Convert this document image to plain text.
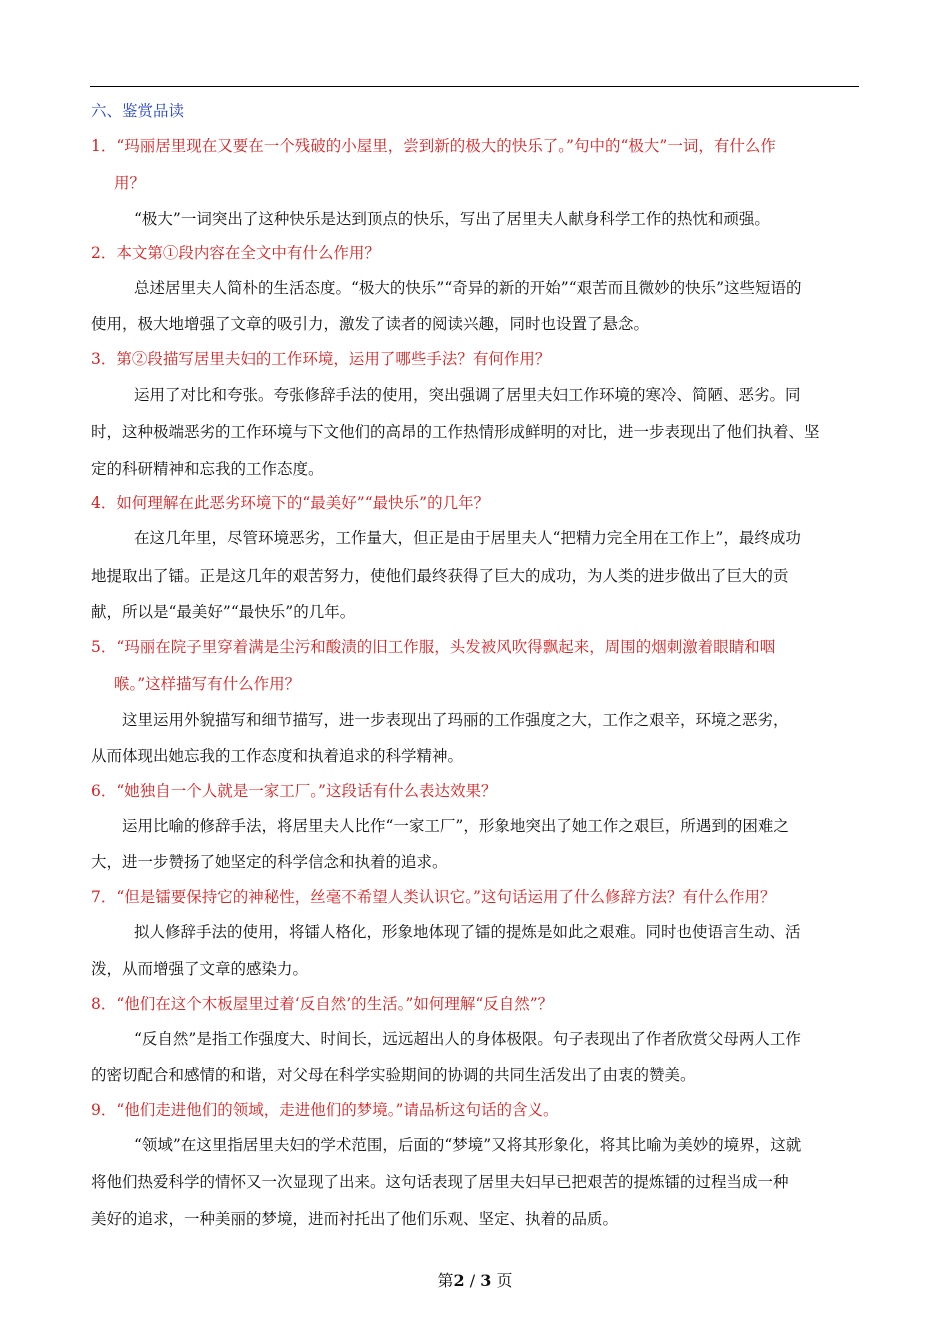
六、鉴赏品读
1．“玛丽居里现在又要在一个残破的小屋里，尝到新的极大的快乐了。”句中的“极大”一词，有什么作
用？
“极大”一词突出了这种快乐是达到顶点的快乐，写出了居里夫人献身科学工作的热忱和顽强。
2．本文第①段内容在全文中有什么作用？
总述居里夫人简朴的生活态度。“极大的快乐”“奇异的新的开始”“艰苦而且微妙的快乐”这些短语的
使用，极大地增强了文章的吸引力，激发了读者的阅读兴趣，同时也设置了悬念。
3．第②段描写居里夫妇的工作环境，运用了哪些手法？有何作用？
运用了对比和夸张。夸张修辞手法的使用，突出强调了居里夫妇工作环境的寒冷、简陋、恶劣。同
时，这种极端恶劣的工作环境与下文他们的高昂的工作热情形成鲜明的对比，进一步表现出了他们执着、坚
定的科研精神和忘我的工作态度。
4．如何理解在此恶劣环境下的“最美好”“最快乐”的几年？
在这几年里，尽管环境恶劣，工作量大，但正是由于居里夫人“把精力完全用在工作上”，最终成功
地提取出了镭。正是这几年的艰苦努力，使他们最终获得了巨大的成功，为人类的进步做出了巨大的贡
献，所以是“最美好”“最快乐”的几年。
5．“玛丽在院子里穿着满是尘污和酸渍的旧工作服，头发被风吹得飘起来，周围的烟刺激着眼睛和咽
喉。”这样描写有什么作用？
这里运用外貌描写和细节描写，进一步表现出了玛丽的工作强度之大，工作之艰辛，环境之恶劣，
从而体现出她忘我的工作态度和执着追求的科学精神。
6．“她独自一个人就是一家工厂。”这段话有什么表达效果？
运用比喻的修辞手法，将居里夫人比作“一家工厂”，形象地突出了她工作之艰巨，所遇到的困难之
大，进一步赞扬了她坚定的科学信念和执着的追求。
7．“但是镭要保持它的神秘性，丝毫不希望人类认识它。”这句话运用了什么修辞方法？有什么作用？
拟人修辞手法的使用，将镭人格化，形象地体现了镭的提炼是如此之艰难。同时也使语言生动、活
泼，从而增强了文章的感染力。
8．“他们在这个木板屋里过着‘反自然’的生活。”如何理解“反自然”？
“反自然”是指工作强度大、时间长，远远超出人的身体极限。句子表现出了作者欣赏父母两人工作
的密切配合和感情的和谐，对父母在科学实验期间的协调的共同生活发出了由衷的赞美。
9．“他们走进他们的领域，走进他们的梦境。”请品析这句话的含义。
“领域”在这里指居里夫妇的学术范围，后面的“梦境”又将其形象化，将其比喻为美妙的境界，这就
将他们热爱科学的情怀又一次显现了出来。这句话表现了居里夫妇早已把艰苦的提炼镭的过程当成一种
美好的追求，一种美丽的梦境，进而衬托出了他们乐观、坚定、执着的品质。
第2 / 3 页
